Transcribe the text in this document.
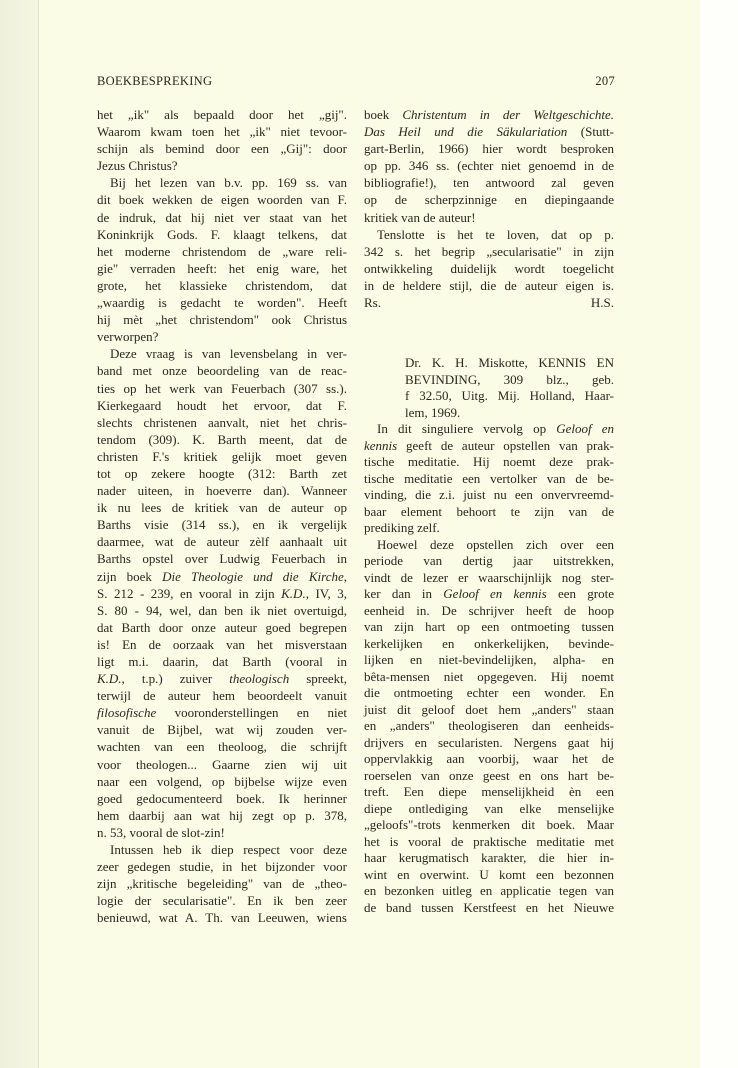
BOEKBESPREKING	207
het „ik" als bepaald door het „gij".
Waarom kwam toen het „ik" niet tevoor-
schijn als bemind door een „Gij": door
Jezus Christus?
Bij het lezen van b.v. pp. 169 ss. van
dit boek wekken de eigen woorden van F.
de indruk, dat hij niet ver staat van het
Koninkrijk Gods. F. klaagt telkens, dat
het moderne christendom de „ware reli-
gie" verraden heeft: het enig ware, het
grote, het klassieke christendom, dat
„waardig is gedacht te worden". Heeft
hij mèt „het christendom" ook Christus
verworpen?
Deze vraag is van levensbelang in ver-
band met onze beoordeling van de reac-
ties op het werk van Feuerbach (307 ss.).
Kierkegaard houdt het ervoor, dat F.
slechts christenen aanvalt, niet het chris-
tendom (309). K. Barth meent, dat de
christen F.'s kritiek gelijk moet geven
tot op zekere hoogte (312: Barth zet
nader uiteen, in hoeverre dan). Wanneer
ik nu lees de kritiek van de auteur op
Barths visie (314 ss.), en ik vergelijk
daarmee, wat de auteur zèlf aanhaalt uit
Barths opstel over Ludwig Feuerbach in
zijn boek Die Theologie und die Kirche,
S. 212 - 239, en vooral in zijn K.D., IV, 3,
S. 80 - 94, wel, dan ben ik niet overtuigd,
dat Barth door onze auteur goed begrepen
is! En de oorzaak van het misverstaan
ligt m.i. daarin, dat Barth (vooral in
K.D., t.p.) zuiver theologisch spreekt,
terwijl de auteur hem beoordeelt vanuit
filosofische vooronderstellingen en niet
vanuit de Bijbel, wat wij zouden ver-
wachten van een theoloog, die schrijft
voor theologen... Gaarne zien wij uit
naar een volgend, op bijbelse wijze even
goed gedocumenteerd boek. Ik herinner
hem daarbij aan wat hij zegt op p. 378,
n. 53, vooral de slot-zin!
Intussen heb ik diep respect voor deze
zeer gedegen studie, in het bijzonder voor
zijn „kritische begeleiding" van de „theo-
logie der secularisatie". En ik ben zeer
benieuwd, wat A. Th. van Leeuwen, wiens
boek Christentum in der Weltgeschichte.
Das Heil und die Säkulariation (Stutt-
gart-Berlin, 1966) hier wordt besproken
op pp. 346 ss. (echter niet genoemd in de
bibliografie!), ten antwoord zal geven
op de scherpzinnige en diepingaande
kritiek van de auteur!
Tenslotte is het te loven, dat op p.
342 s. het begrip „secularisatie" in zijn
ontwikkeling duidelijk wordt toegelicht
in de heldere stijl, die de auteur eigen is.
Rs.	H.S.
Dr. K. H. Miskotte, KENNIS EN
BEVINDING, 309 blz., geb.
f 32.50, Uitg. Mij. Holland, Haar-
lem, 1969.
In dit singuliere vervolg op Geloof en
kennis geeft de auteur opstellen van prak-
tische meditatie. Hij noemt deze prak-
tische meditatie een vertolker van de be-
vinding, die z.i. juist nu een onvervreemd-
baar element behoort te zijn van de
prediking zelf.
Hoewel deze opstellen zich over een
periode van dertig jaar uitstrekken,
vindt de lezer er waarschijnlijk nog ster-
ker dan in Geloof en kennis een grote
eenheid in. De schrijver heeft de hoop
van zijn hart op een ontmoeting tussen
kerkelijken en onkerkelijken, bevinde-
lijken en niet-bevindelijken, alpha- en
bêta-mensen niet opgegeven. Hij noemt
die ontmoeting echter een wonder. En
juist dit geloof doet hem „anders" staan
en „anders" theologiseren dan eenheids-
drijvers en secularisten. Nergens gaat hij
oppervlakkig aan voorbij, waar het de
roerselen van onze geest en ons hart be-
treft. Een diepe menselijkheid èn een
diepe ontlediging van elke menselijke
„geloofs"-trots kenmerken dit boek. Maar
het is vooral de praktische meditatie met
haar kerugmatisch karakter, die hier in-
wint en overwint. U komt een bezonnen
en bezonken uitleg en applicatie tegen van
de band tussen Kerstfeest en het Nieuwe
